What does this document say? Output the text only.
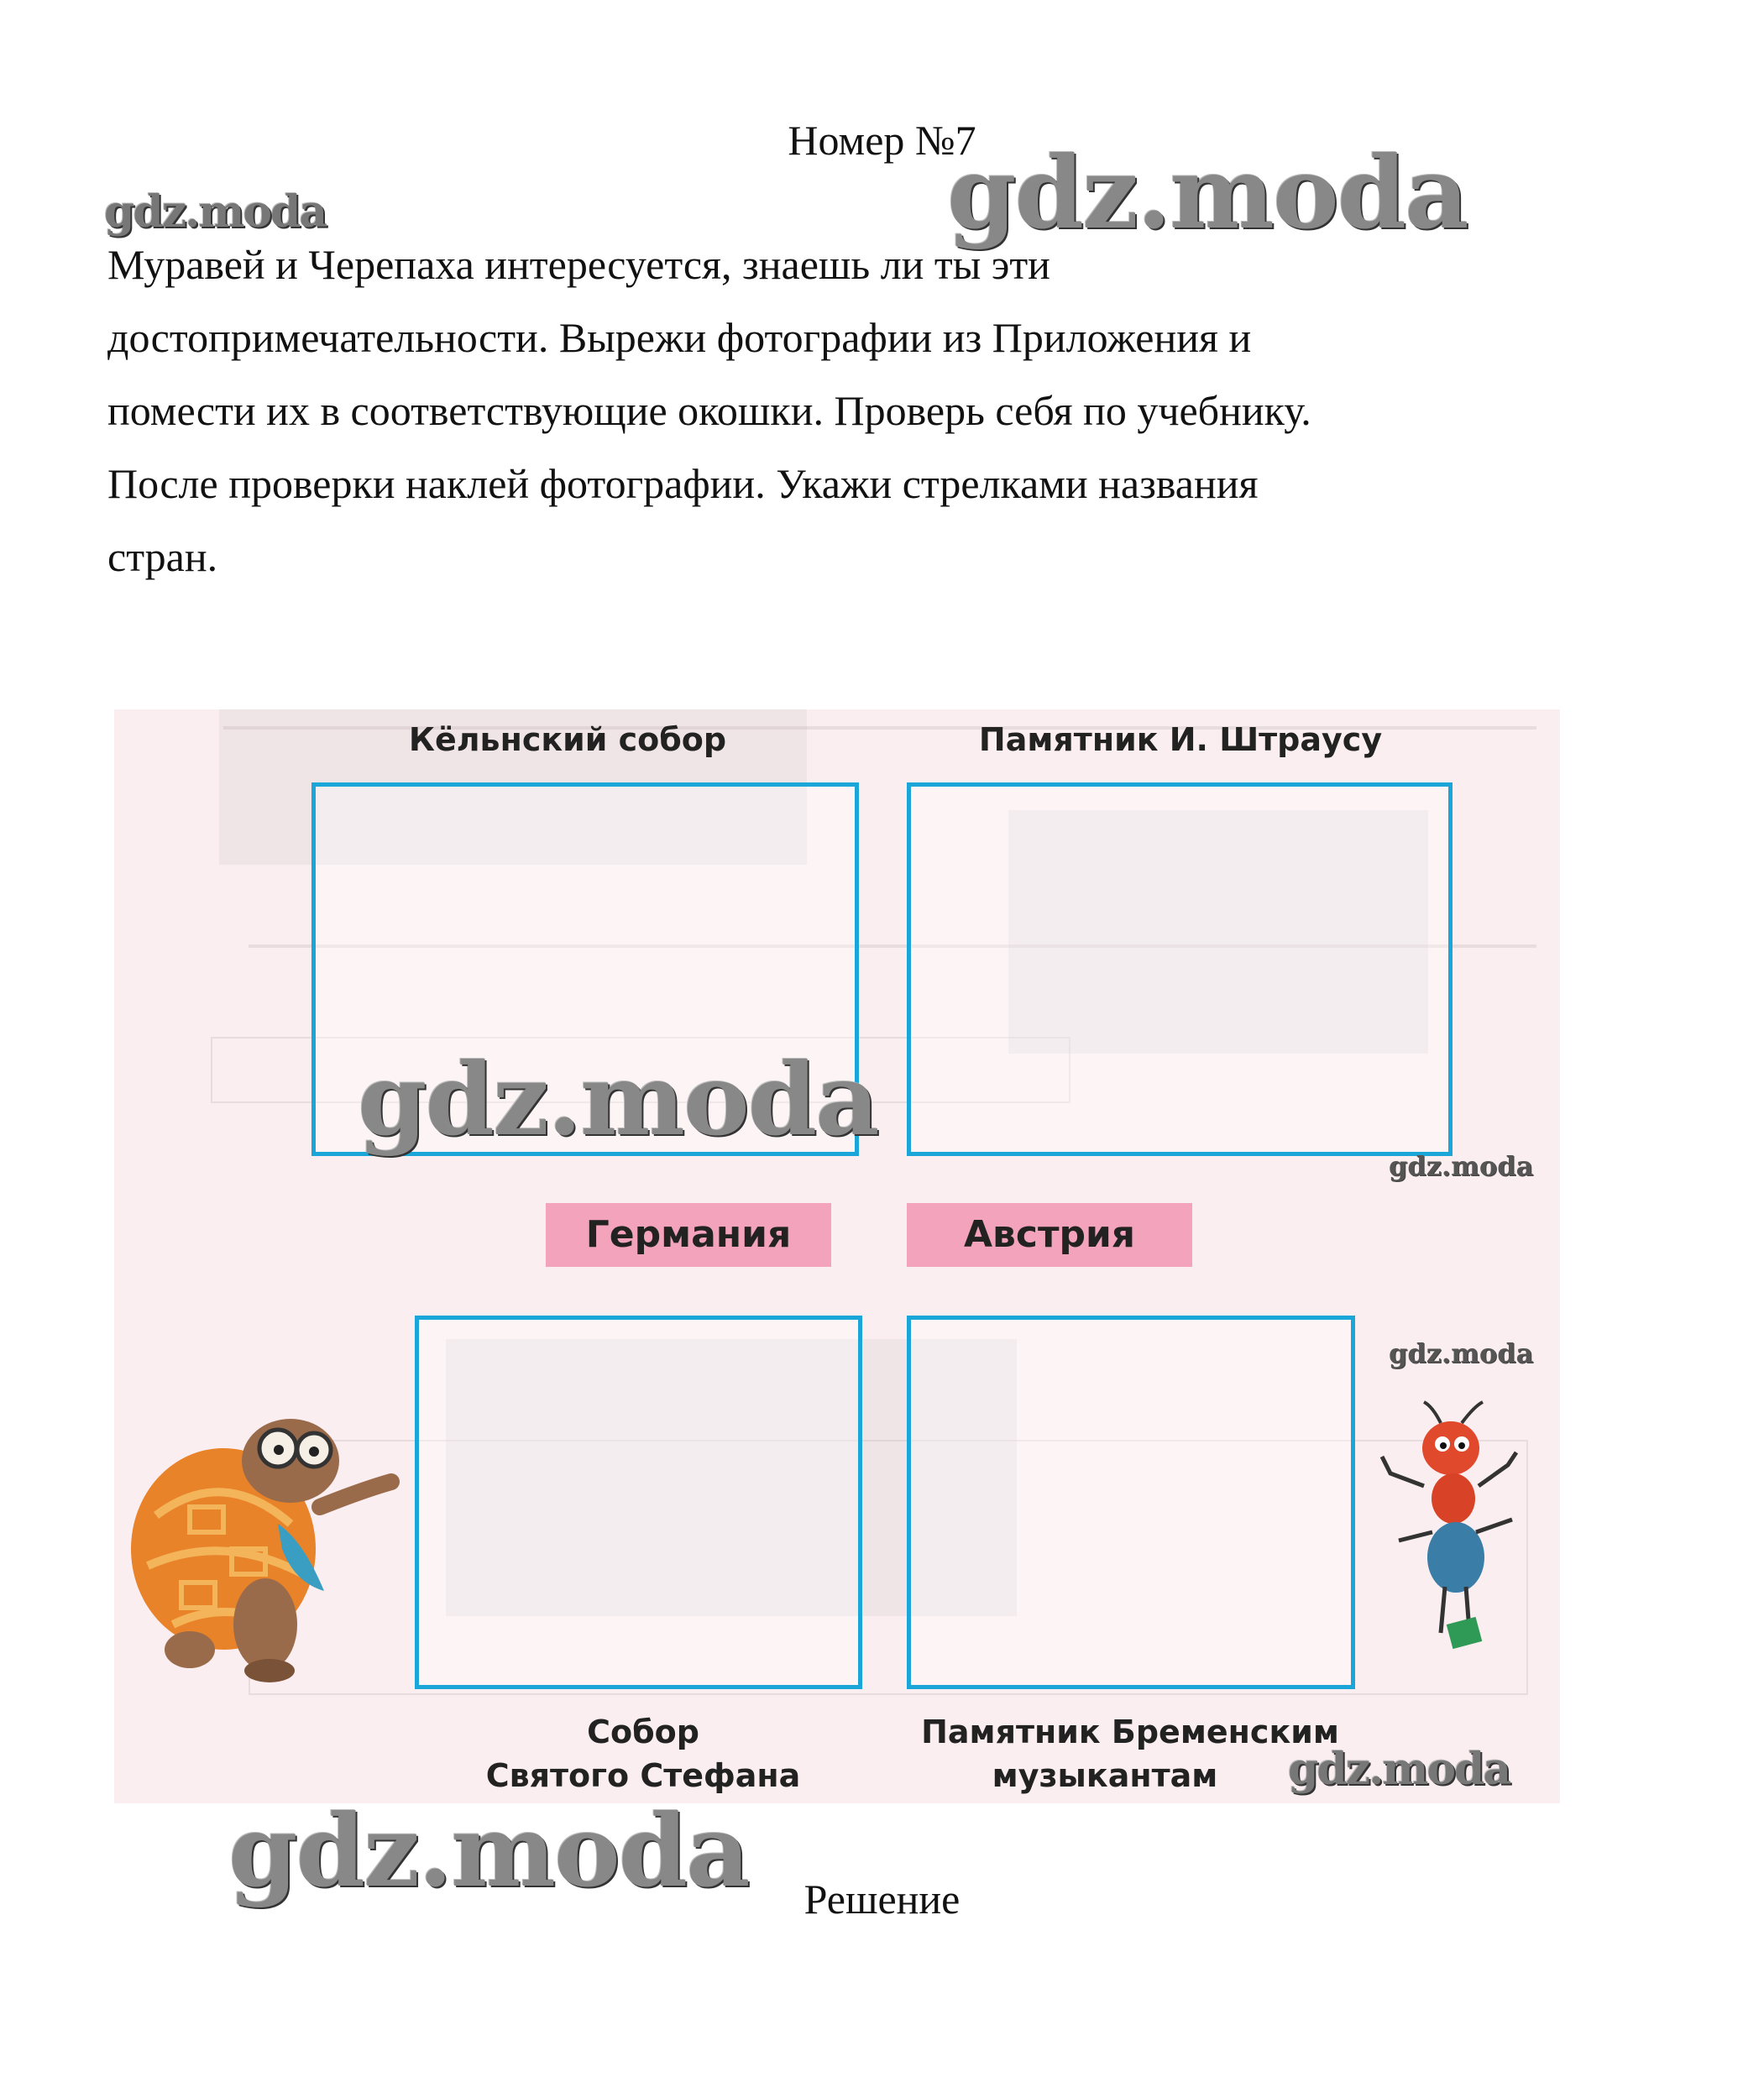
Номер №7
gdz.moda	gdz.moda

Муравей и Черепаха интересуется, знаешь ли ты эти

достопримечательности. Вырежи фотографии из Приложения и

помести их в соответствующие окошки. Проверь себя по учебнику.

После проверки наклей фотографии. Укажи стрелками названия

стран.

Кёльнский собор	Памятник И. Штраусу
Германия	Австрия
Собор
Святого Стефана
Памятник Бременским
музыкантам
gdz.moda
gdz.moda
gdz.moda
gdz.moda
gdz.moda	Решение
